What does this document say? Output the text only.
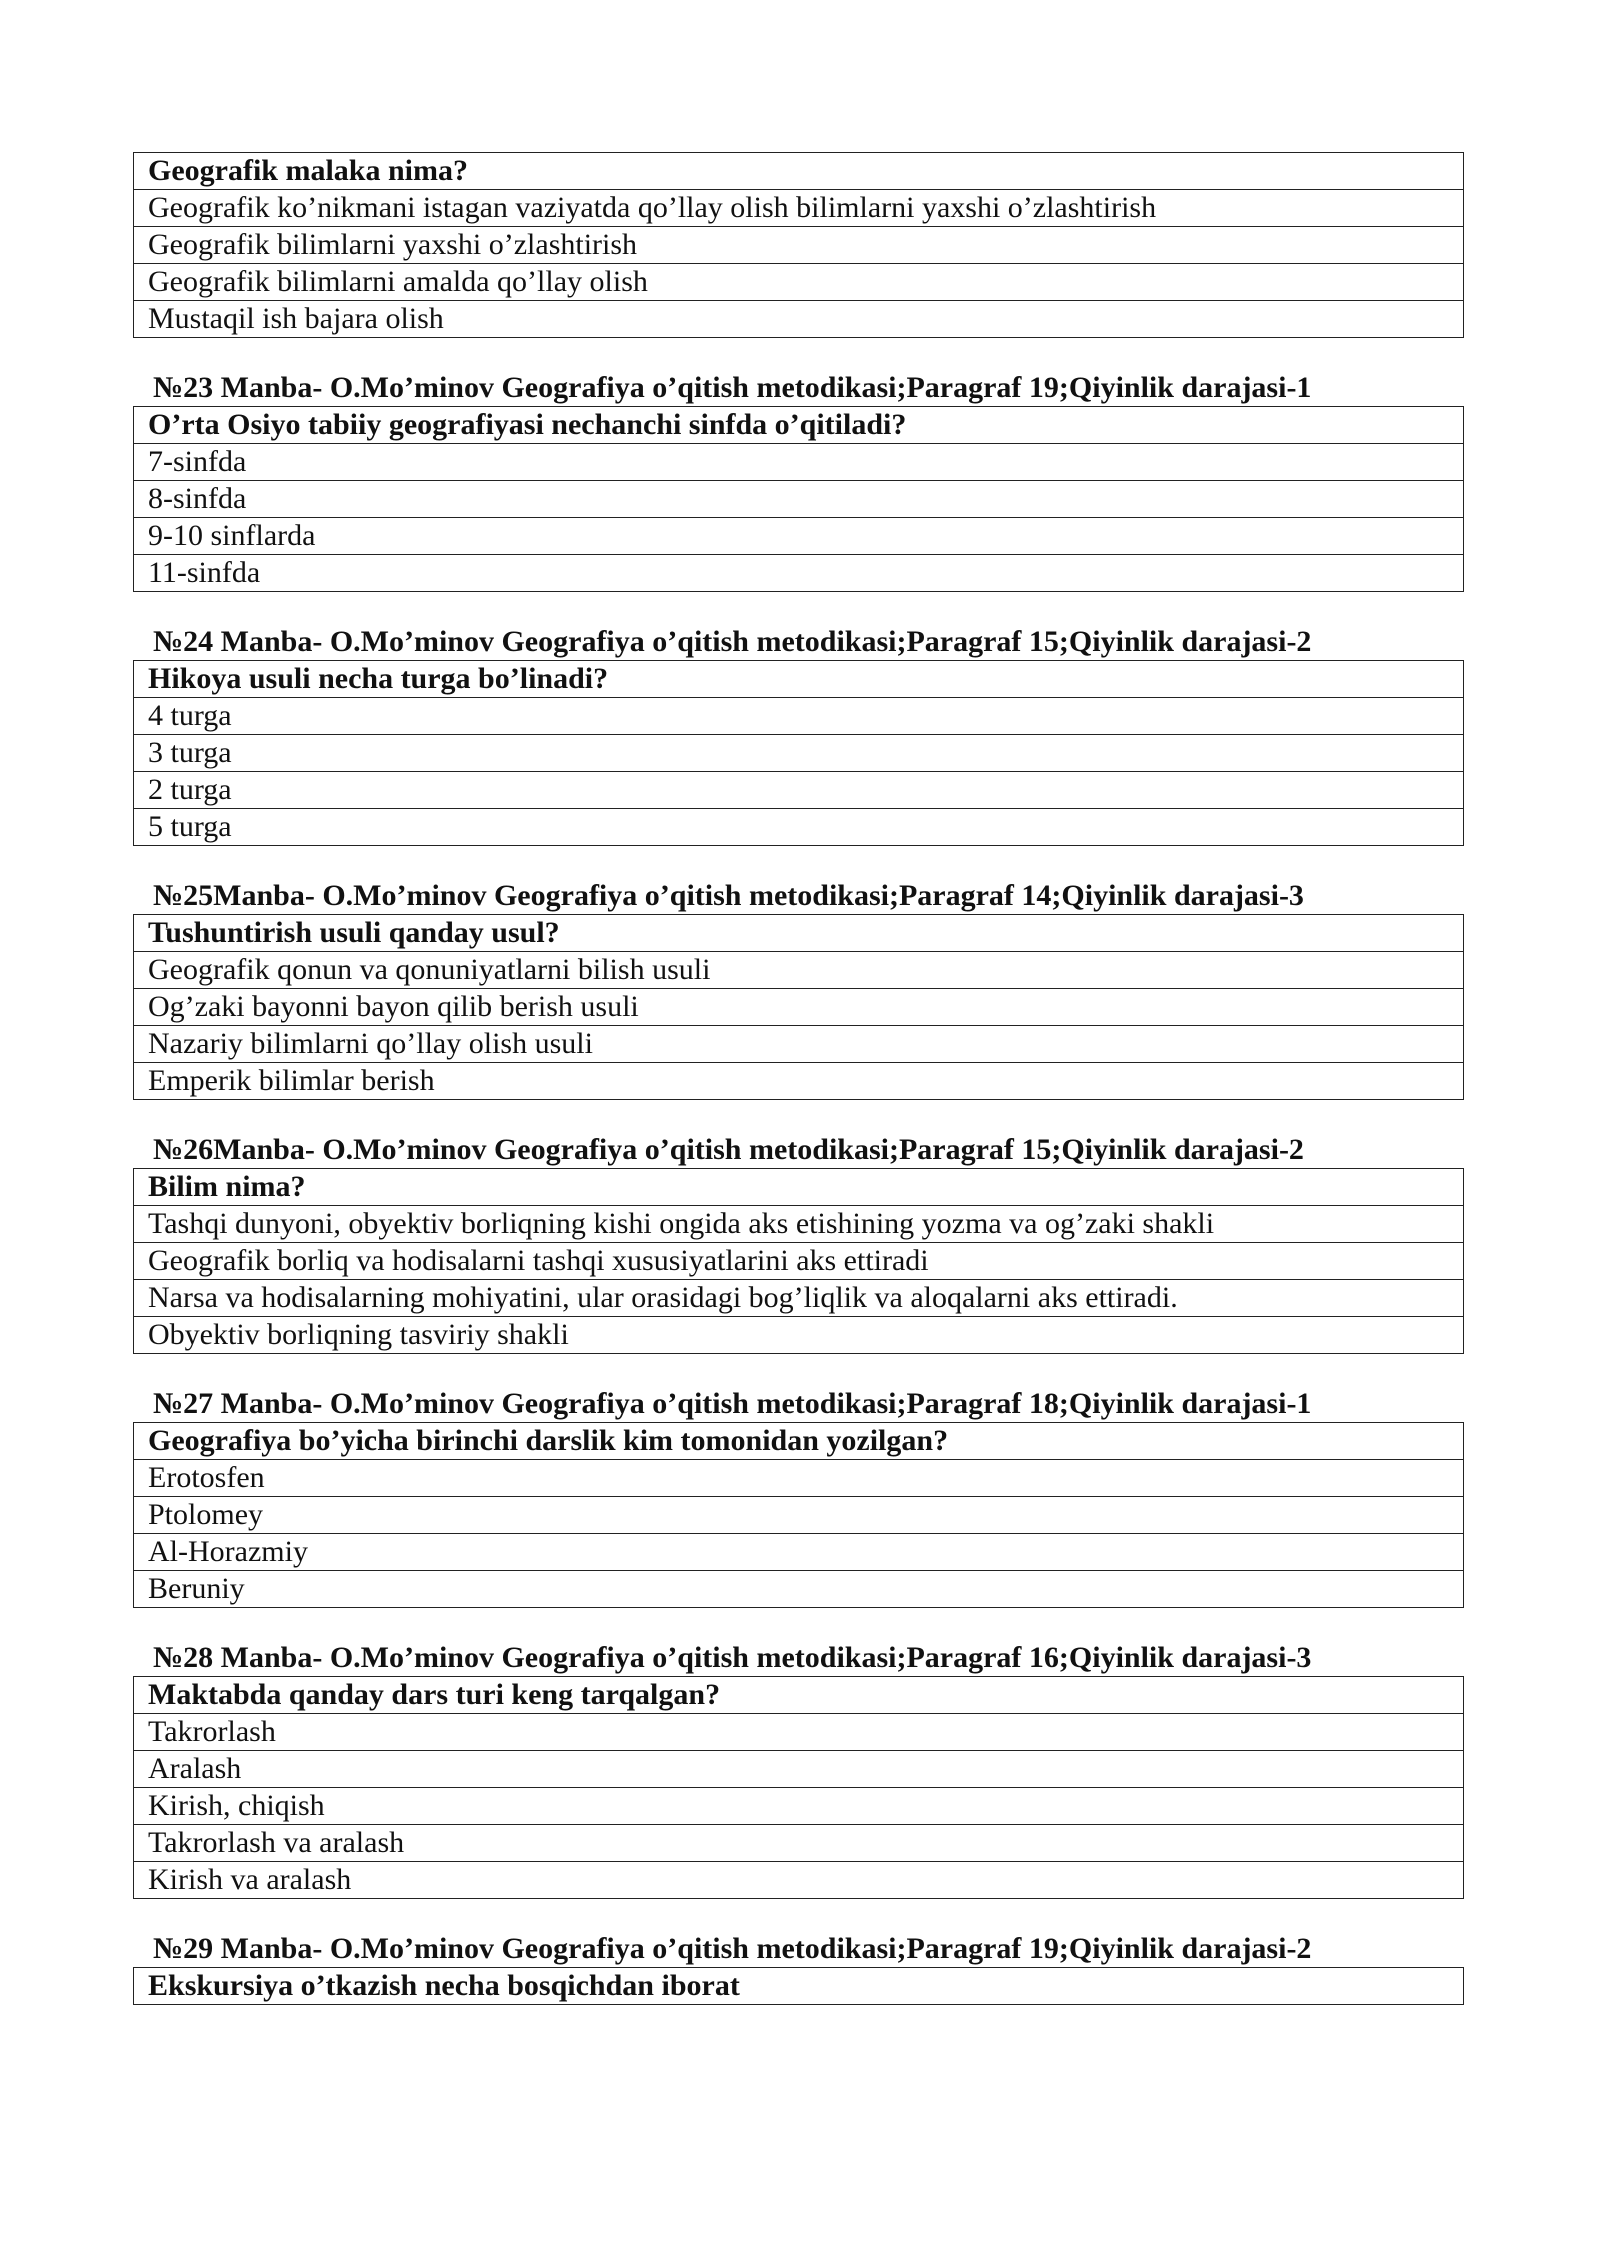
Geografik malaka nima?
Geografik ko’nikmani istagan vaziyatda qo’llay olish bilimlarni yaxshi o’zlashtirish
Geografik bilimlarni yaxshi o’zlashtirish
Geografik bilimlarni amalda qo’llay olish
Mustaqil ish bajara olish
№23 Manba- O.Mo’minov Geografiya o’qitish metodikasi;Paragraf 19;Qiyinlik darajasi-1
O’rta Osiyo tabiiy geografiyasi nechanchi sinfda o’qitiladi?
7-sinfda
8-sinfda
9-10 sinflarda
11-sinfda
№24 Manba- O.Mo’minov Geografiya o’qitish metodikasi;Paragraf 15;Qiyinlik darajasi-2
Hikoya usuli necha turga bo’linadi?
4 turga
3 turga
2 turga
5 turga
№25Manba- O.Mo’minov Geografiya o’qitish metodikasi;Paragraf 14;Qiyinlik darajasi-3
Tushuntirish usuli qanday usul?
Geografik qonun va qonuniyatlarni bilish usuli
Og’zaki bayonni bayon qilib berish usuli
Nazariy bilimlarni qo’llay olish usuli
Emperik bilimlar berish
№26Manba- O.Mo’minov Geografiya o’qitish metodikasi;Paragraf 15;Qiyinlik darajasi-2
Bilim nima?
Tashqi dunyoni, obyektiv borliqning kishi ongida aks etishining yozma va og’zaki shakli
Geografik borliq va hodisalarni tashqi xususiyatlarini aks ettiradi
Narsa va hodisalarning mohiyatini, ular orasidagi bog’liqlik va aloqalarni aks ettiradi.
Obyektiv borliqning tasviriy shakli
№27 Manba- O.Mo’minov Geografiya o’qitish metodikasi;Paragraf 18;Qiyinlik darajasi-1
Geografiya bo’yicha birinchi darslik kim tomonidan yozilgan?
Erotosfen
Ptolomey
Al-Horazmiy
Beruniy
№28 Manba- O.Mo’minov Geografiya o’qitish metodikasi;Paragraf 16;Qiyinlik darajasi-3
Maktabda qanday dars turi keng tarqalgan?
Takrorlash
Aralash
Kirish, chiqish
Takrorlash va aralash
Kirish va aralash
№29 Manba- O.Mo’minov Geografiya o’qitish metodikasi;Paragraf 19;Qiyinlik darajasi-2
Ekskursiya o’tkazish necha bosqichdan iborat
